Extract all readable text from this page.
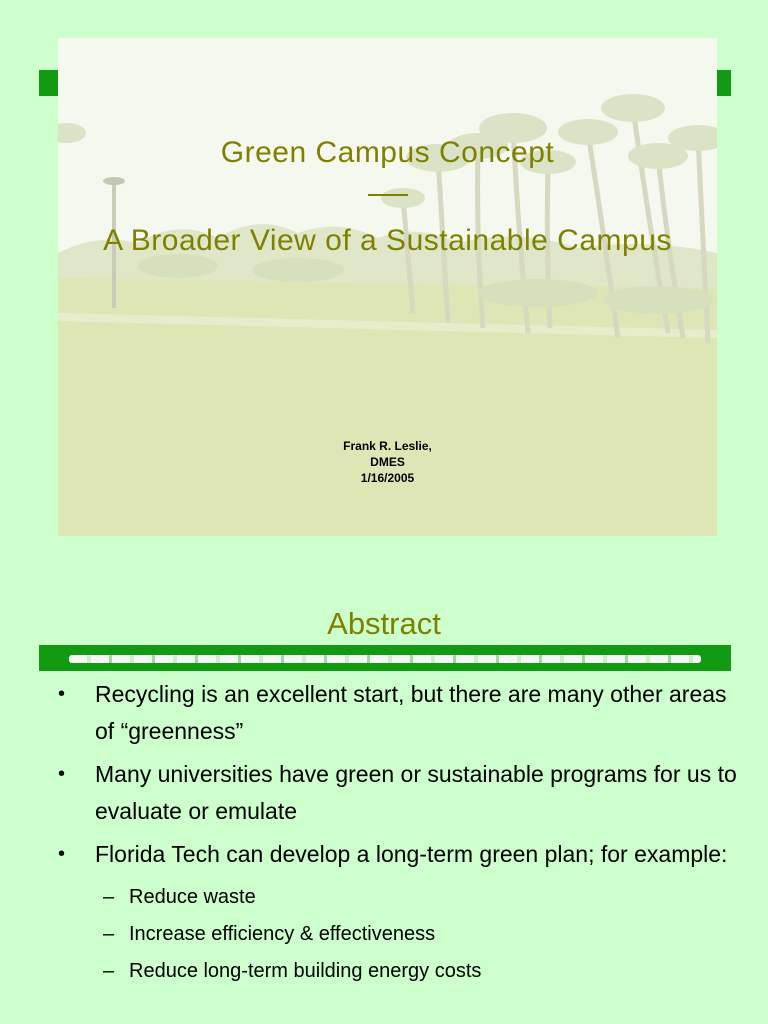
Green Campus Concept
A Broader View of a Sustainable Campus
Frank R. Leslie,
DMES
1/16/2005
Abstract
• Recycling is an excellent start, but there are many other areas of “greenness”
• Many universities have green or sustainable programs for us to evaluate or emulate
• Florida Tech can develop a long-term green plan; for example:
– Reduce waste
– Increase efficiency & effectiveness
– Reduce long-term building energy costs
